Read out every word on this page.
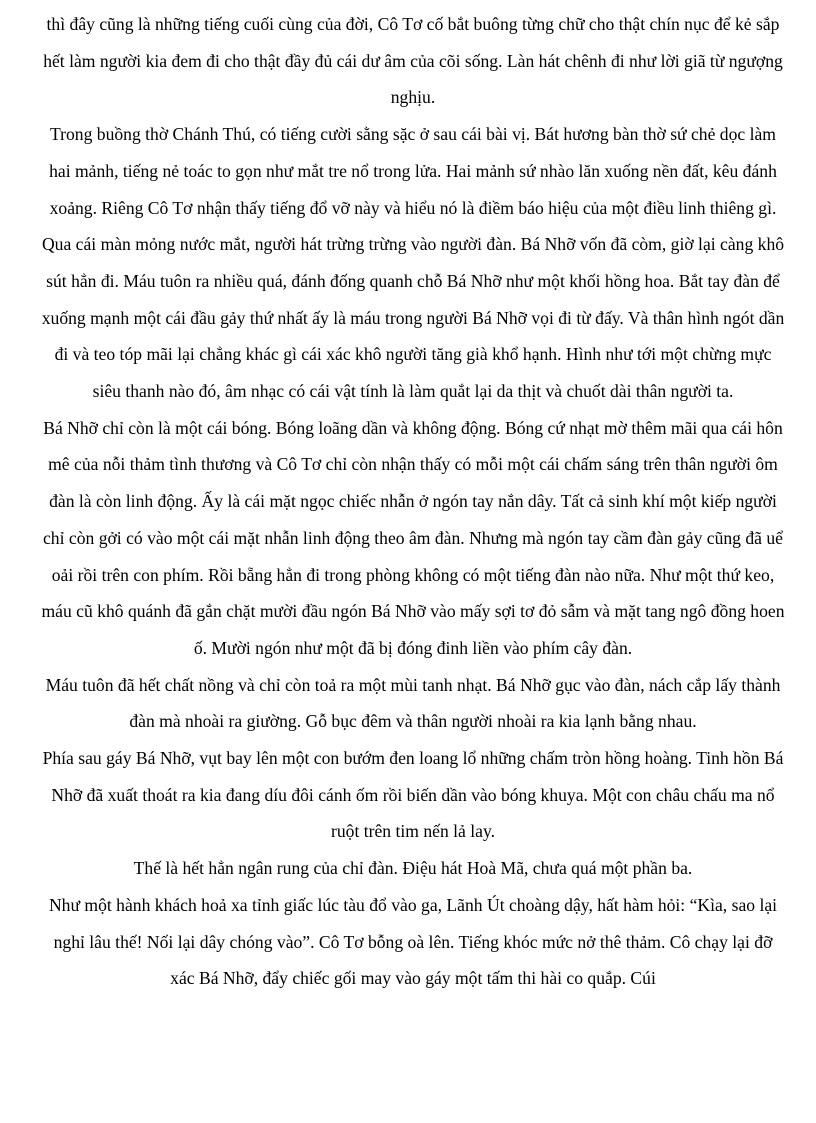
thì đây cũng là những tiếng cuối cùng của đời, Cô Tơ cố bắt buông từng chữ cho thật chín nục để kẻ sắp hết làm người kia đem đi cho thật đầy đủ cái dư âm của cõi sống. Làn hát chênh đi như lời giã từ ngượng nghịu.

Trong buồng thờ Chánh Thú, có tiếng cười sằng sặc ở sau cái bài vị. Bát hương bàn thờ sứ chẻ dọc làm hai mảnh, tiếng nẻ toác to gọn như mắt tre nổ trong lửa. Hai mảnh sứ nhào lăn xuống nền đất, kêu đánh xoảng. Riêng Cô Tơ nhận thấy tiếng đổ vỡ này và hiểu nó là điềm báo hiệu của một điều linh thiêng gì. Qua cái màn mỏng nước mắt, người hát trừng trừng vào người đàn. Bá Nhỡ vốn đã còm, giờ lại càng khô sút hẳn đi. Máu tuôn ra nhiều quá, đánh đống quanh chỗ Bá Nhỡ như một khối hồng hoa. Bắt tay đàn để xuống mạnh một cái đầu gảy thứ nhất ấy là máu trong người Bá Nhỡ vọi đi từ đấy. Và thân hình ngót dần đi và teo tóp mãi lại chẳng khác gì cái xác khô người tăng già khổ hạnh. Hình như tới một chừng mực siêu thanh nào đó, âm nhạc có cái vật tính là làm quắt lại da thịt và chuốt dài thân người ta.

Bá Nhỡ chỉ còn là một cái bóng. Bóng loãng dần và không động. Bóng cứ nhạt mờ thêm mãi qua cái hôn mê của nỗi thảm tình thương và Cô Tơ chỉ còn nhận thấy có mỗi một cái chấm sáng trên thân người ôm đàn là còn linh động. Ấy là cái mặt ngọc chiếc nhẫn ở ngón tay nắn dây. Tất cả sinh khí một kiếp người chỉ còn gởi có vào một cái mặt nhẫn linh động theo âm đàn. Nhưng mà ngón tay cầm đàn gảy cũng đã uể oải rồi trên con phím. Rồi bẵng hẳn đi trong phòng không có một tiếng đàn nào nữa. Như một thứ keo, máu cũ khô quánh đã gắn chặt mười đầu ngón Bá Nhỡ vào mấy sợi tơ đỏ sẫm và mặt tang ngô đồng hoen ố. Mười ngón như một đã bị đóng đinh liền vào phím cây đàn.

Máu tuôn đã hết chất nồng và chỉ còn toả ra một mùi tanh nhạt. Bá Nhỡ gục vào đàn, nách cắp lấy thành đàn mà nhoài ra giường. Gỗ bục đêm và thân người nhoài ra kia lạnh bằng nhau.

Phía sau gáy Bá Nhỡ, vụt bay lên một con bướm đen loang lổ những chấm tròn hồng hoàng. Tinh hồn Bá Nhỡ đã xuất thoát ra kia đang díu đôi cánh ốm rồi biến dần vào bóng khuya. Một con châu chấu ma nổ ruột trên tim nến lả lay.

Thế là hết hẳn ngân rung của chỉ đàn. Điệu hát Hoà Mã, chưa quá một phần ba.

Như một hành khách hoả xa tỉnh giấc lúc tàu đổ vào ga, Lãnh Út choàng dậy, hất hàm hỏi: “Kìa, sao lại nghỉ lâu thế! Nối lại dây chóng vào”. Cô Tơ bỗng oà lên. Tiếng khóc mức nở thê thảm. Cô chạy lại đỡ xác Bá Nhỡ, đẩy chiếc gối may vào gáy một tấm thi hài co quắp. Cúi
